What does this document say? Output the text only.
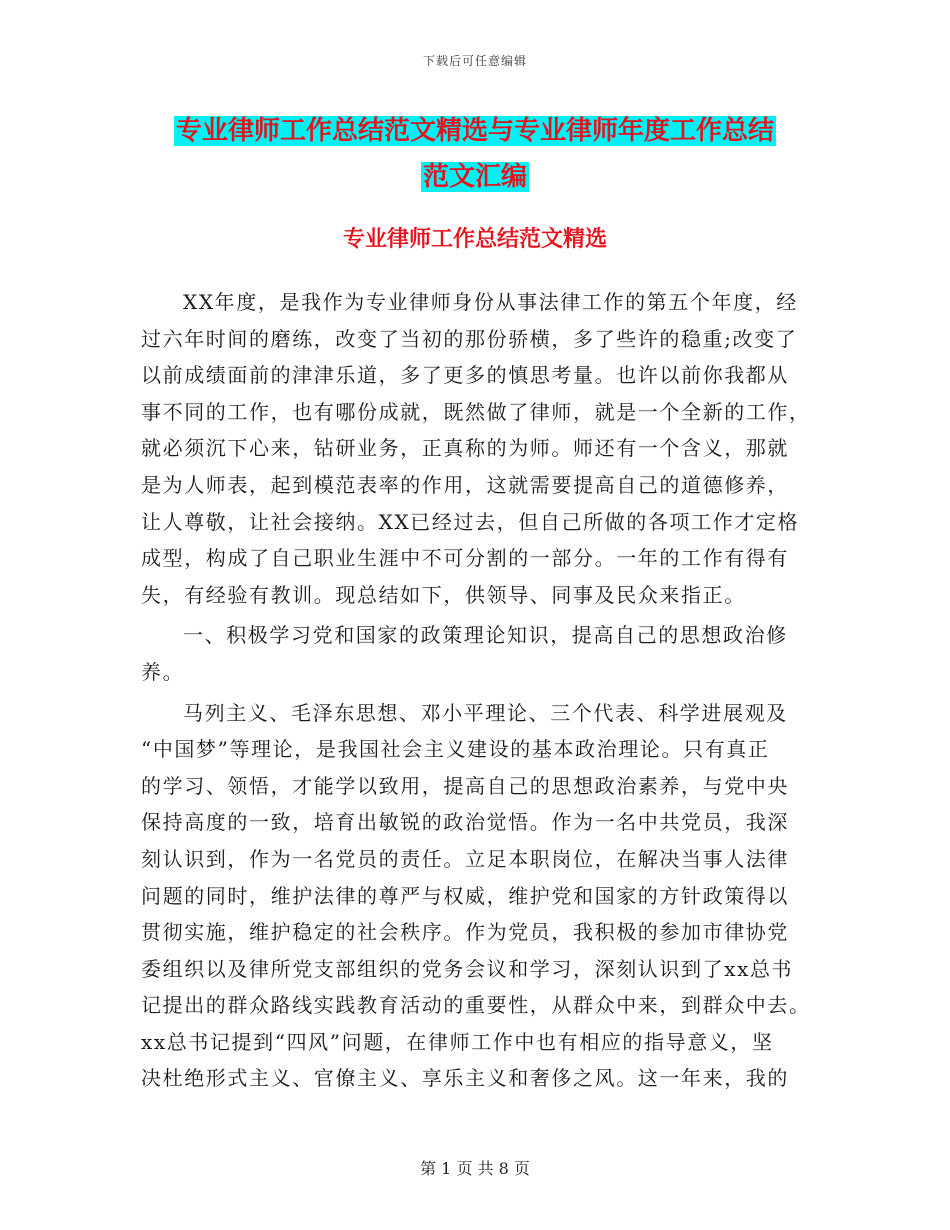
下载后可任意编辑
专业律师工作总结范文精选与专业律师年度工作总结
范文汇编
专业律师工作总结范文精选
XX年度，是我作为专业律师身份从事法律工作的第五个年度，经
过六年时间的磨练，改变了当初的那份骄横，多了些许的稳重;改变了
以前成绩面前的津津乐道，多了更多的慎思考量。也许以前你我都从
事不同的工作，也有哪份成就，既然做了律师，就是一个全新的工作，
就必须沉下心来，钻研业务，正真称的为师。师还有一个含义，那就
是为人师表，起到模范表率的作用，这就需要提高自己的道德修养，
让人尊敬，让社会接纳。XX已经过去，但自己所做的各项工作才定格
成型，构成了自己职业生涯中不可分割的一部分。一年的工作有得有
失，有经验有教训。现总结如下，供领导、同事及民众来指正。
一、积极学习党和国家的政策理论知识，提高自己的思想政治修
养。
马列主义、毛泽东思想、邓小平理论、三个代表、科学进展观及
“中国梦”等理论，是我国社会主义建设的基本政治理论。只有真正
的学习、领悟，才能学以致用，提高自己的思想政治素养，与党中央
保持高度的一致，培育出敏锐的政治觉悟。作为一名中共党员，我深
刻认识到，作为一名党员的责任。立足本职岗位，在解决当事人法律
问题的同时，维护法律的尊严与权威，维护党和国家的方针政策得以
贯彻实施，维护稳定的社会秩序。作为党员，我积极的参加市律协党
委组织以及律所党支部组织的党务会议和学习，深刻认识到了xx总书
记提出的群众路线实践教育活动的重要性，从群众中来，到群众中去。
xx总书记提到“四风”问题，在律师工作中也有相应的指导意义，坚
决杜绝形式主义、官僚主义、享乐主义和奢侈之风。这一年来，我的
第 1 页 共 8 页
